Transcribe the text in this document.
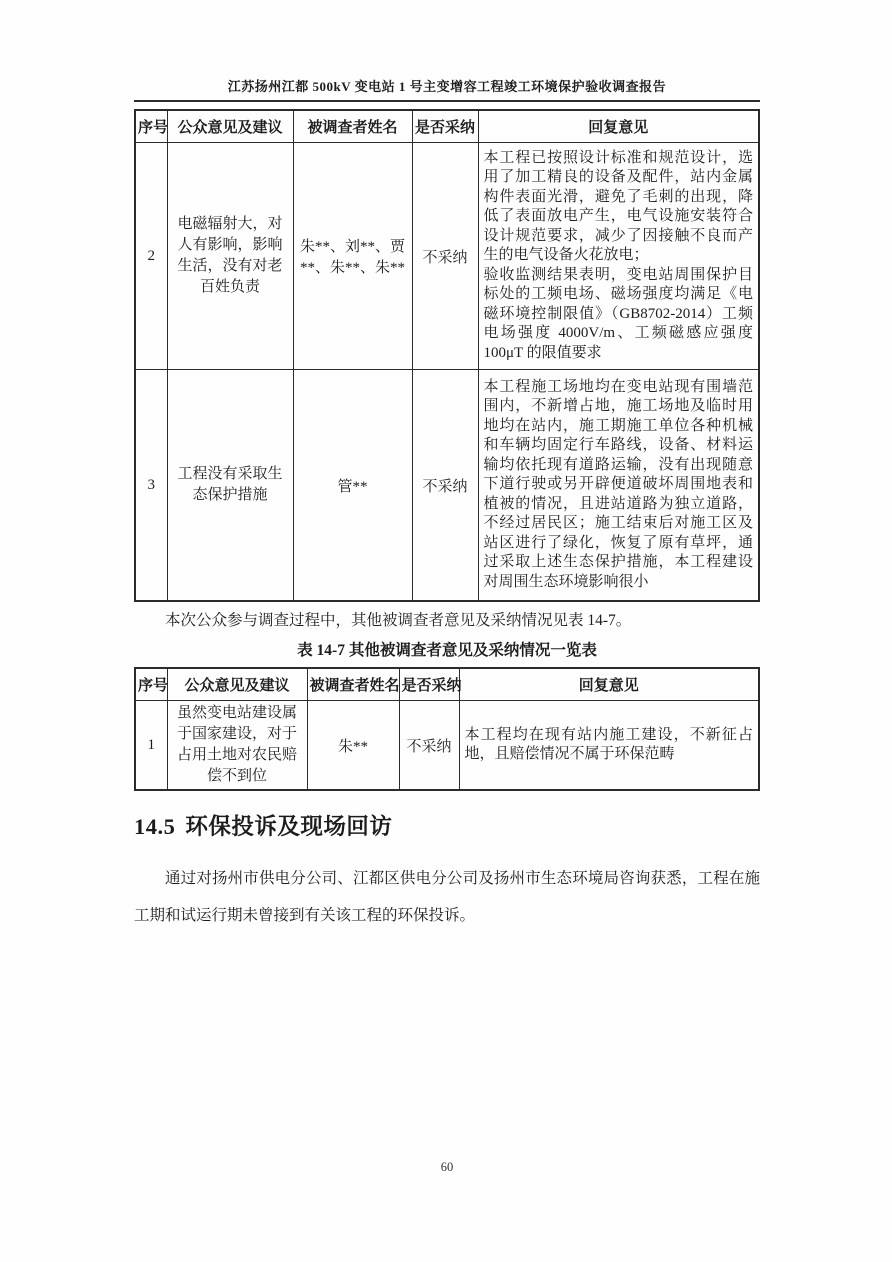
江苏扬州江都 500kV 变电站 1 号主变增容工程竣工环境保护验收调查报告
序号	公众意见及建议	被调查者姓名	是否采纳	回复意见
2	电磁辐射大，对人有影响，影响生活，没有对老百姓负责	朱**、刘**、贾**、朱**、朱**	不采纳	本工程已按照设计标准和规范设计，选用了加工精良的设备及配件，站内金属构件表面光滑，避免了毛刺的出现，降低了表面放电产生，电气设施安装符合设计规范要求，减少了因接触不良而产生的电气设备火花放电；
验收监测结果表明，变电站周围保护目标处的工频电场、磁场强度均满足《电磁环境控制限值》（GB8702-2014）工频电场强度 4000V/m、工频磁感应强度 100μT 的限值要求

3	工程没有采取生态保护措施	管**	不采纳	本工程施工场地均在变电站现有围墙范围内，不新增占地，施工场地及临时用地均在站内，施工期施工单位各种机械和车辆均固定行车路线，设备、材料运输均依托现有道路运输，没有出现随意下道行驶或另开辟便道破坏周围地表和植被的情况，且进站道路为独立道路，不经过居民区；施工结束后对施工区及站区进行了绿化，恢复了原有草坪，通过采取上述生态保护措施，本工程建设对周围生态环境影响很小

本次公众参与调查过程中，其他被调查者意见及采纳情况见表 14-7。

表 14-7 其他被调查者意见及采纳情况一览表
序号	公众意见及建议	被调查者姓名	是否采纳	回复意见
1	虽然变电站建设属于国家建设，对于占用土地对农民赔偿不到位	朱**	不采纳	本工程均在现有站内施工建设，不新征占地，且赔偿情况不属于环保范畴
14.5 环保投诉及现场回访

通过对扬州市供电分公司、江都区供电分公司及扬州市生态环境局咨询获悉，工程在施工期和试运行期未曾接到有关该工程的环保投诉。

60
